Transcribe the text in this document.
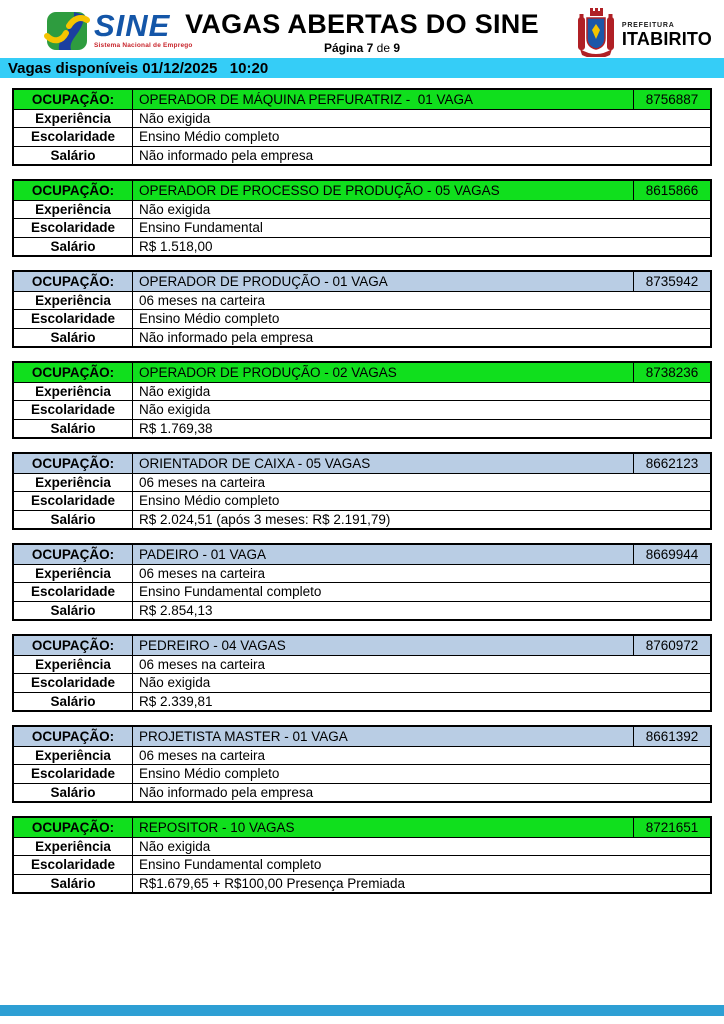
SINE
Sistema Nacional de Emprego
VAGAS ABERTAS DO SINE
Página 7 de 9
PREFEITURA
ITABIRITO
Vagas disponíveis 01/12/2025   10:20
OCUPAÇÃO:	OPERADOR DE MÁQUINA PERFURATRIZ -  01 VAGA	8756887
Experiência	Não exigida
Escolaridade	Ensino Médio completo
Salário	Não informado pela empresa
OCUPAÇÃO:	OPERADOR DE PROCESSO DE PRODUÇÃO - 05 VAGAS	8615866
Experiência	Não exigida
Escolaridade	Ensino Fundamental
Salário	R$ 1.518,00
OCUPAÇÃO:	OPERADOR DE PRODUÇÃO - 01 VAGA	8735942
Experiência	06 meses na carteira
Escolaridade	Ensino Médio completo
Salário	Não informado pela empresa
OCUPAÇÃO:	OPERADOR DE PRODUÇÃO - 02 VAGAS	8738236
Experiência	Não exigida
Escolaridade	Não exigida
Salário	R$ 1.769,38
OCUPAÇÃO:	ORIENTADOR DE CAIXA - 05 VAGAS	8662123
Experiência	06 meses na carteira
Escolaridade	Ensino Médio completo
Salário	R$ 2.024,51 (após 3 meses: R$ 2.191,79)
OCUPAÇÃO:	PADEIRO - 01 VAGA	8669944
Experiência	06 meses na carteira
Escolaridade	Ensino Fundamental completo
Salário	R$ 2.854,13
OCUPAÇÃO:	PEDREIRO - 04 VAGAS	8760972
Experiência	06 meses na carteira
Escolaridade	Não exigida
Salário	R$ 2.339,81
OCUPAÇÃO:	PROJETISTA MASTER - 01 VAGA	8661392
Experiência	06 meses na carteira
Escolaridade	Ensino Médio completo
Salário	Não informado pela empresa
OCUPAÇÃO:	REPOSITOR - 10 VAGAS	8721651
Experiência	Não exigida
Escolaridade	Ensino Fundamental completo
Salário	R$1.679,65 + R$100,00 Presença Premiada
